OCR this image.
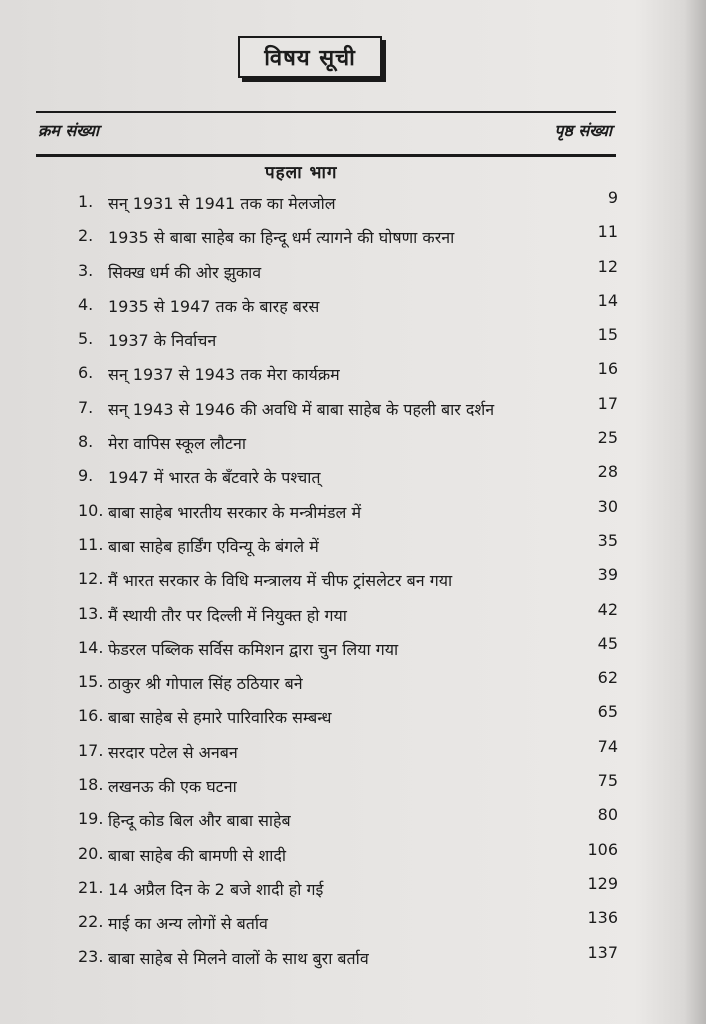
विषय सूची
क्रम संख्या	पृष्ठ संख्या
पहला भाग
1. सन् 1931 से 1941 तक का मेलजोल	9
2. 1935 से बाबा साहेब का हिन्दू धर्म त्यागने की घोषणा करना	11
3. सिक्ख धर्म की ओर झुकाव	12
4. 1935 से 1947 तक के बारह बरस	14
5. 1937 के निर्वाचन	15
6. सन् 1937 से 1943 तक मेरा कार्यक्रम	16
7. सन् 1943 से 1946 की अवधि में बाबा साहेब के पहली बार दर्शन	17
8. मेरा वापिस स्कूल लौटना	25
9. 1947 में भारत के बँटवारे के पश्चात्	28
10. बाबा साहेब भारतीय सरकार के मन्त्रीमंडल में	30
11. बाबा साहेब हार्डिंग एविन्यू के बंगले में	35
12. मैं भारत सरकार के विधि मन्त्रालय में चीफ ट्रांसलेटर बन गया	39
13. मैं स्थायी तौर पर दिल्ली में नियुक्त हो गया	42
14. फेडरल पब्लिक सर्विस कमिशन द्वारा चुन लिया गया	45
15. ठाकुर श्री गोपाल सिंह ठठियार बने	62
16. बाबा साहेब से हमारे पारिवारिक सम्बन्ध	65
17. सरदार पटेल से अनबन	74
18. लखनऊ की एक घटना	75
19. हिन्दू कोड बिल और बाबा साहेब	80
20. बाबा साहेब की बामणी से शादी	106
21. 14 अप्रैल दिन के 2 बजे शादी हो गई	129
22. माई का अन्य लोगों से बर्ताव	136
23. बाबा साहेब से मिलने वालों के साथ बुरा बर्ताव	137
